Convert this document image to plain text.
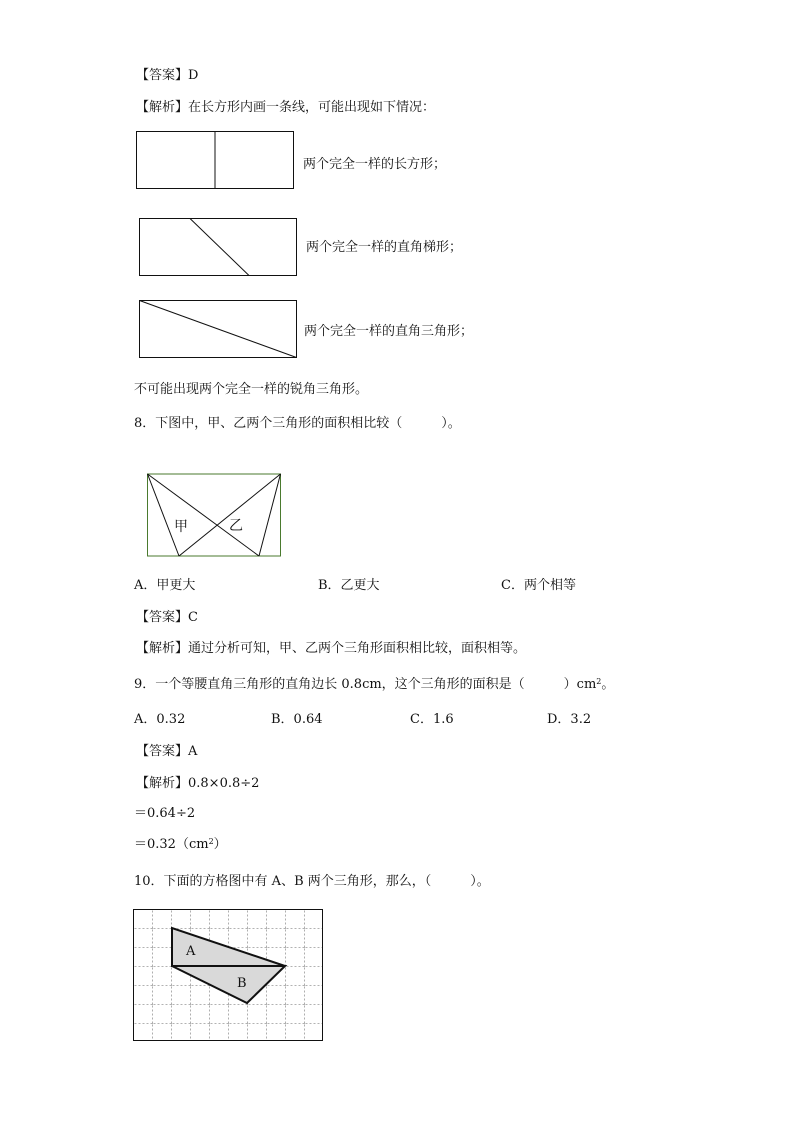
【答案】D
【解析】在长方形内画一条线，可能出现如下情况：
两个完全一样的长方形；
两个完全一样的直角梯形；
两个完全一样的直角三角形；
不可能出现两个完全一样的锐角三角形。
8．下图中，甲、乙两个三角形的面积相比较（　　　）。
甲	乙
A．甲更大	B．乙更大	C．两个相等
【答案】C
【解析】通过分析可知，甲、乙两个三角形面积相比较，面积相等。
9．一个等腰直角三角形的直角边长 0.8cm，这个三角形的面积是（　　　）$cm^2$。
A．0.32	B．0.64	C．1.6	D．3.2
【答案】A
【解析】0.8×0.8÷2
＝0.64÷2
$=0.32(cm^2)$
10．下面的方格图中有 A、B 两个三角形，那么，（　　　）。
A
B
